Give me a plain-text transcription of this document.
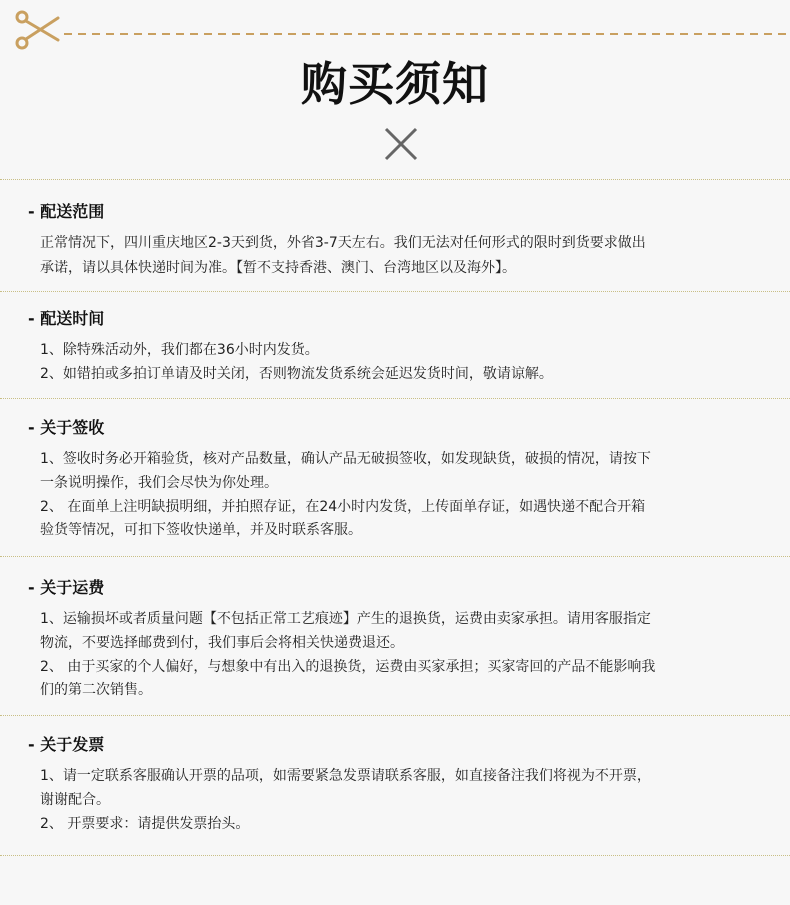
购买须知
- 配送范围
正常情况下，四川重庆地区2-3天到货，外省3-7天左右。我们无法对任何形式的限时到货要求做出
承诺，请以具体快递时间为准。【暂不支持香港、澳门、台湾地区以及海外】。
- 配送时间
1、除特殊活动外，我们都在36小时内发货。
2、如错拍或多拍订单请及时关闭，否则物流发货系统会延迟发货时间，敬请谅解。
- 关于签收
1、签收时务必开箱验货，核对产品数量，确认产品无破损签收，如发现缺货，破损的情况，请按下
一条说明操作，我们会尽快为你处理。
2、 在面单上注明缺损明细，并拍照存证，在24小时内发货，上传面单存证，如遇快递不配合开箱
验货等情况，可扣下签收快递单，并及时联系客服。
- 关于运费
1、运输损坏或者质量问题【不包括正常工艺痕迹】产生的退换货，运费由卖家承担。请用客服指定
物流，不要选择邮费到付，我们事后会将相关快递费退还。
2、 由于买家的个人偏好，与想象中有出入的退换货，运费由买家承担；买家寄回的产品不能影响我
们的第二次销售。
- 关于发票
1、请一定联系客服确认开票的品项，如需要紧急发票请联系客服，如直接备注我们将视为不开票，
谢谢配合。
2、 开票要求：请提供发票抬头。
